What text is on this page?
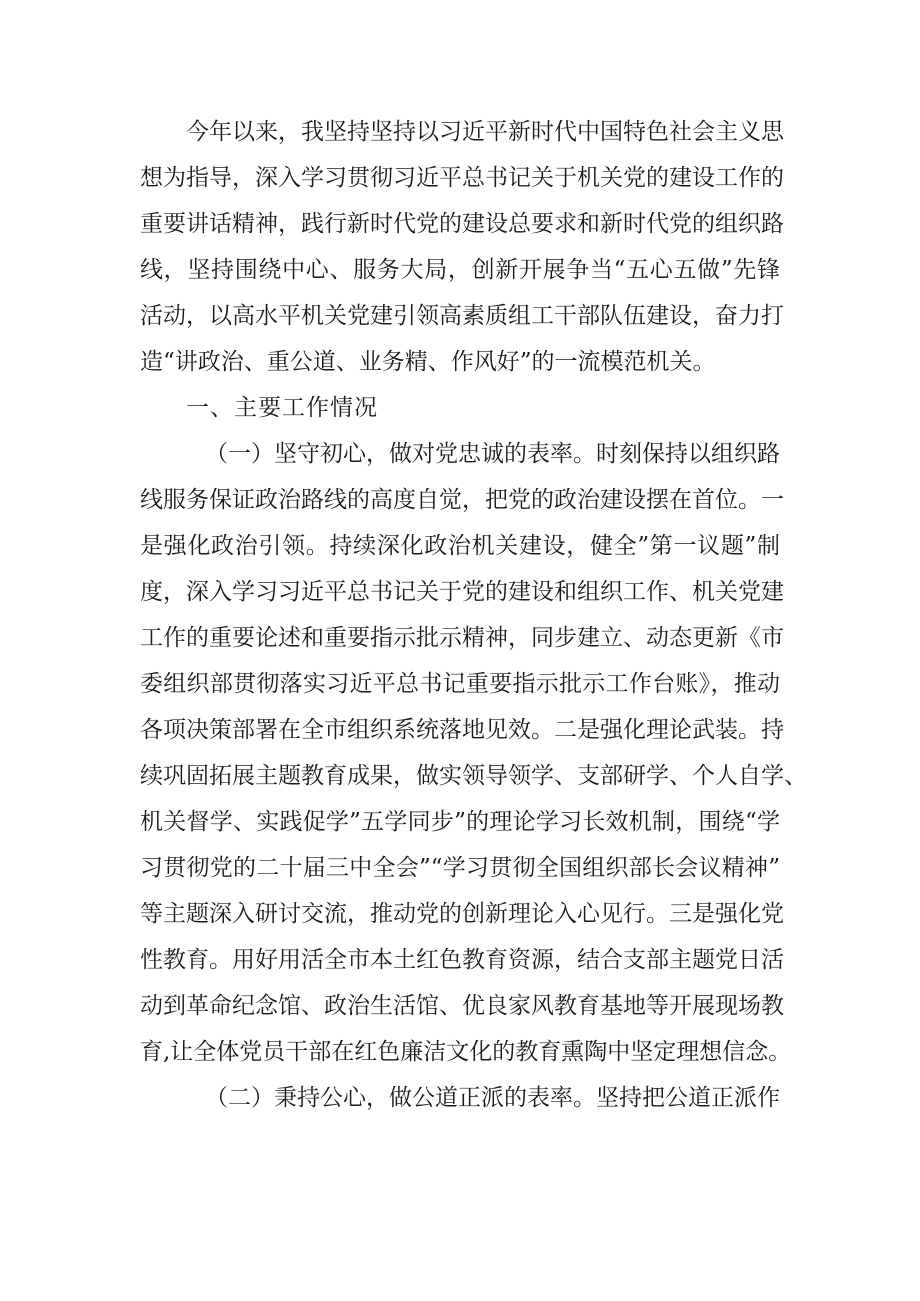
今年以来，我坚持坚持以习近平新时代中国特色社会主义思
想为指导，深入学习贯彻习近平总书记关于机关党的建设工作的
重要讲话精神，践行新时代党的建设总要求和新时代党的组织路
线，坚持围绕中心、服务大局，创新开展争当“五心五做”先锋
活动，以高水平机关党建引领高素质组工干部队伍建设，奋力打
造“讲政治、重公道、业务精、作风好”的一流模范机关。
一、主要工作情况
（一）坚守初心，做对党忠诚的表率。时刻保持以组织路
线服务保证政治路线的高度自觉，把党的政治建设摆在首位。一
是强化政治引领。持续深化政治机关建设，健全”第一议题”制
度，深入学习习近平总书记关于党的建设和组织工作、机关党建
工作的重要论述和重要指示批示精神，同步建立、动态更新《市
委组织部贯彻落实习近平总书记重要指示批示工作台账》，推动
各项决策部署在全市组织系统落地见效。二是强化理论武装。持
续巩固拓展主题教育成果，做实领导领学、支部研学、个人自学、
机关督学、实践促学”五学同步”的理论学习长效机制，围绕“学
习贯彻党的二十届三中全会”“学习贯彻全国组织部长会议精神”
等主题深入研讨交流，推动党的创新理论入心见行。三是强化党
性教育。用好用活全市本土红色教育资源，结合支部主题党日活
动到革命纪念馆、政治生活馆、优良家风教育基地等开展现场教
育,让全体党员干部在红色廉洁文化的教育熏陶中坚定理想信念。
（二）秉持公心，做公道正派的表率。坚持把公道正派作
